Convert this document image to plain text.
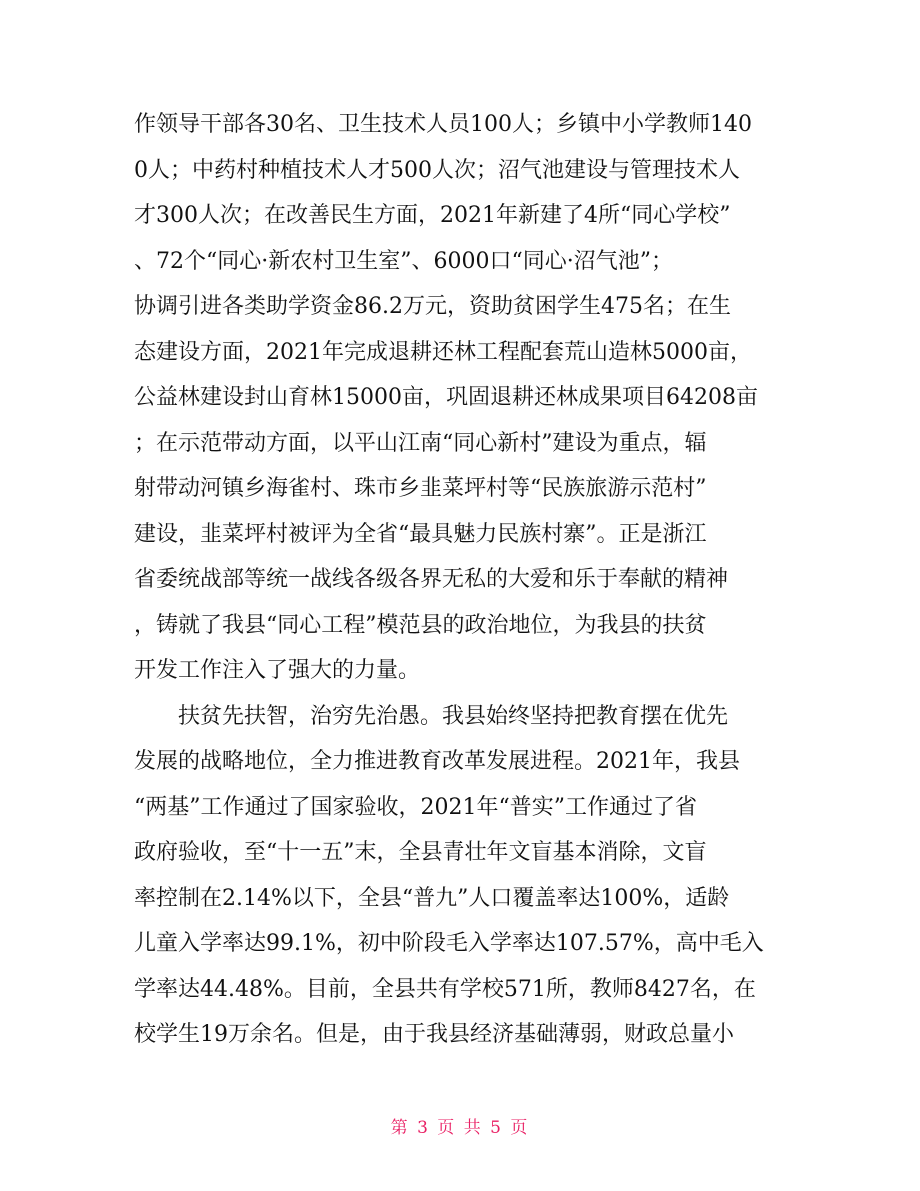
作领导干部各30名、卫生技术人员100人；乡镇中小学教师140
0人；中药村种植技术人才500人次；沼气池建设与管理技术人
才300人次；在改善民生方面，2021年新建了4所“同心学校”
、72个“同心·新农村卫生室”、6000口“同心·沼气池”；
协调引进各类助学资金86.2万元，资助贫困学生475名；在生
态建设方面，2021年完成退耕还林工程配套荒山造林5000亩，
公益林建设封山育林15000亩，巩固退耕还林成果项目64208亩
；在示范带动方面，以平山江南“同心新村”建设为重点，辐
射带动河镇乡海雀村、珠市乡韭菜坪村等“民族旅游示范村”
建设，韭菜坪村被评为全省“最具魅力民族村寨”。正是浙江
省委统战部等统一战线各级各界无私的大爱和乐于奉献的精神
，铸就了我县“同心工程”模范县的政治地位，为我县的扶贫
开发工作注入了强大的力量。
　　扶贫先扶智，治穷先治愚。我县始终坚持把教育摆在优先
发展的战略地位，全力推进教育改革发展进程。2021年，我县
“两基”工作通过了国家验收，2021年“普实”工作通过了省
政府验收，至“十一五”末，全县青壮年文盲基本消除，文盲
率控制在2.14%以下，全县“普九”人口覆盖率达100%，适龄
儿童入学率达99.1%，初中阶段毛入学率达107.57%，高中毛入
学率达44.48%。目前，全县共有学校571所，教师8427名，在
校学生19万余名。但是，由于我县经济基础薄弱，财政总量小
第 3 页 共 5 页
